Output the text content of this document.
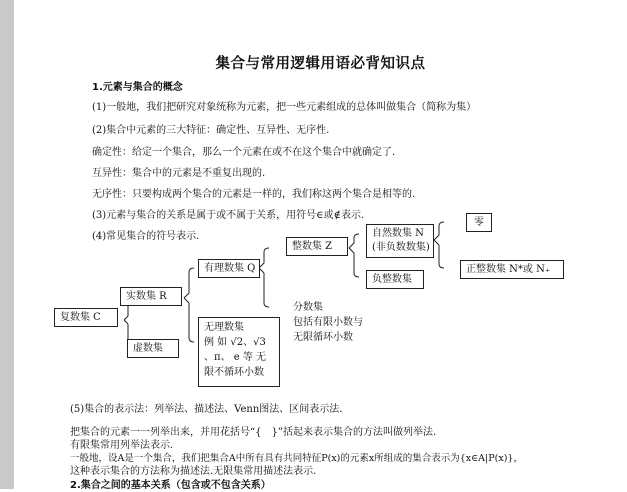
集合与常用逻辑用语必背知识点
1.元素与集合的概念
(1)一般地，我们把研究对象统称为元素，把一些元素组成的总体叫做集合（简称为集）
(2)集合中元素的三大特征：确定性、互异性、无序性.
确定性：给定一个集合，那么一个元素在或不在这个集合中就确定了.
互异性：集合中的元素是不重复出现的.
无序性：只要构成两个集合的元素是一样的，我们称这两个集合是相等的.
(3)元素与集合的关系是属于或不属于关系，用符号∈或∉表示.
(4)常见集合的符号表示.
复数集 C
实数集 R
虚数集
有理数集 Q
无理数集
例 如 √2、√3
、π、 e 等 无
限不循环小数
整数集 Z
分数集
包括有限小数与
无限循环小数
自然数集 N
(非负数数集)
负整数集
零
正整数集 N*或 N₊
(5)集合的表示法：列举法、描述法、Venn图法、区间表示法.
把集合的元素一一列举出来，并用花括号“{　}”括起来表示集合的方法叫做列举法.
有限集常用列举法表示.
一般地，设A是一个集合，我们把集合A中所有具有共同特征P(x)的元素x所组成的集合表示为{x∈A|P(x)}，
这种表示集合的方法称为描述法.无限集常用描述法表示.
2.集合之间的基本关系（包含或不包含关系）
